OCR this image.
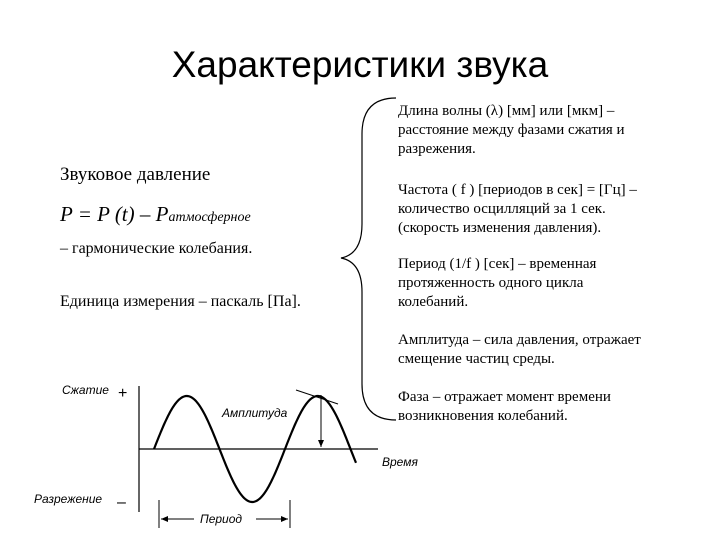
Характеристики звука
Звуковое давление
P = P (t) – Pатмосферное
– гармонические колебания.
Единица измерения – паскаль [Па].
Длина волны (λ) [мм] или [мкм] –
расстояние между фазами сжатия и
разрежения.
Частота ( f ) [периодов в сек] = [Гц] –
количество осцилляций за 1 сек.
(скорость изменения давления).
Период (1/f ) [сек] – временная
протяженность одного цикла
колебаний.
Амплитуда – сила давления, отражает
смещение частиц среды.
Фаза – отражает момент времени
возникновения колебаний.
Сжатие +
Разрежение –
Амплитуда
Время
Период
